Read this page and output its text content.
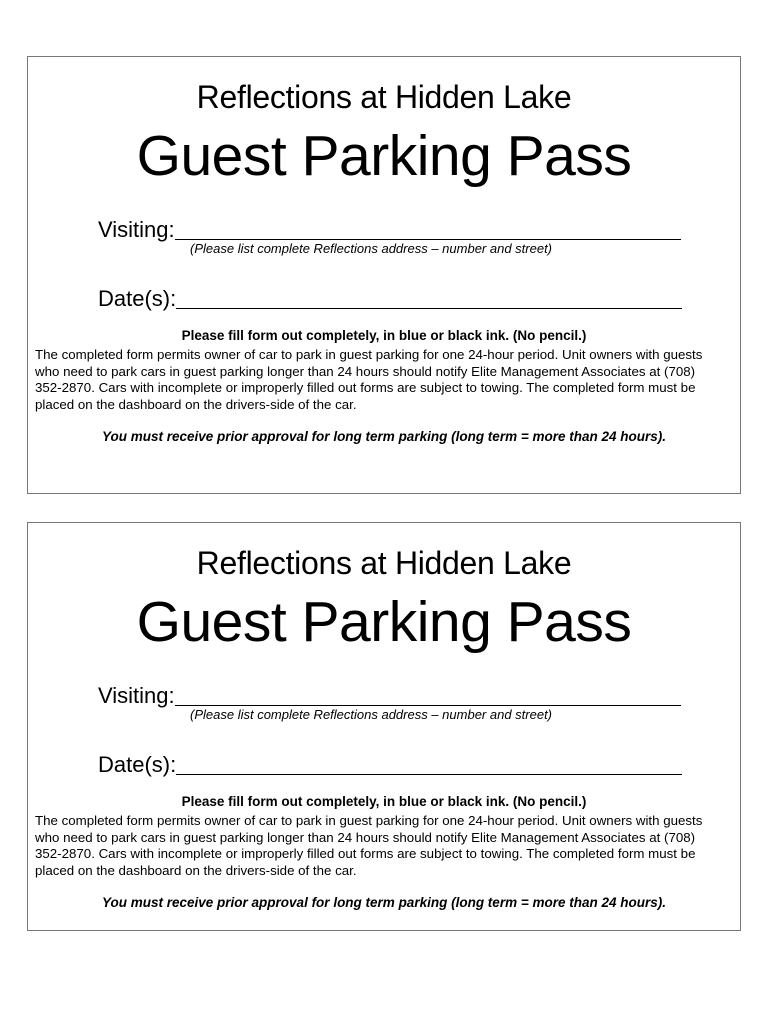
Reflections at Hidden Lake

Guest Parking Pass

Visiting:

(Please list complete Reflections address – number and street)

Date(s):

Please fill form out completely, in blue or black ink. (No pencil.)

The completed form permits owner of car to park in guest parking for one 24-hour period. Unit owners with guests
who need to park cars in guest parking longer than 24 hours should notify Elite Management Associates at (708)
352-2870. Cars with incomplete or improperly filled out forms are subject to towing. The completed form must be
placed on the dashboard on the drivers-side of the car.

You must receive prior approval for long term parking (long term = more than 24 hours).

Reflections at Hidden Lake

Guest Parking Pass

Visiting:

(Please list complete Reflections address – number and street)

Date(s):

Please fill form out completely, in blue or black ink. (No pencil.)

The completed form permits owner of car to park in guest parking for one 24-hour period. Unit owners with guests
who need to park cars in guest parking longer than 24 hours should notify Elite Management Associates at (708)
352-2870. Cars with incomplete or improperly filled out forms are subject to towing. The completed form must be
placed on the dashboard on the drivers-side of the car.

You must receive prior approval for long term parking (long term = more than 24 hours).
